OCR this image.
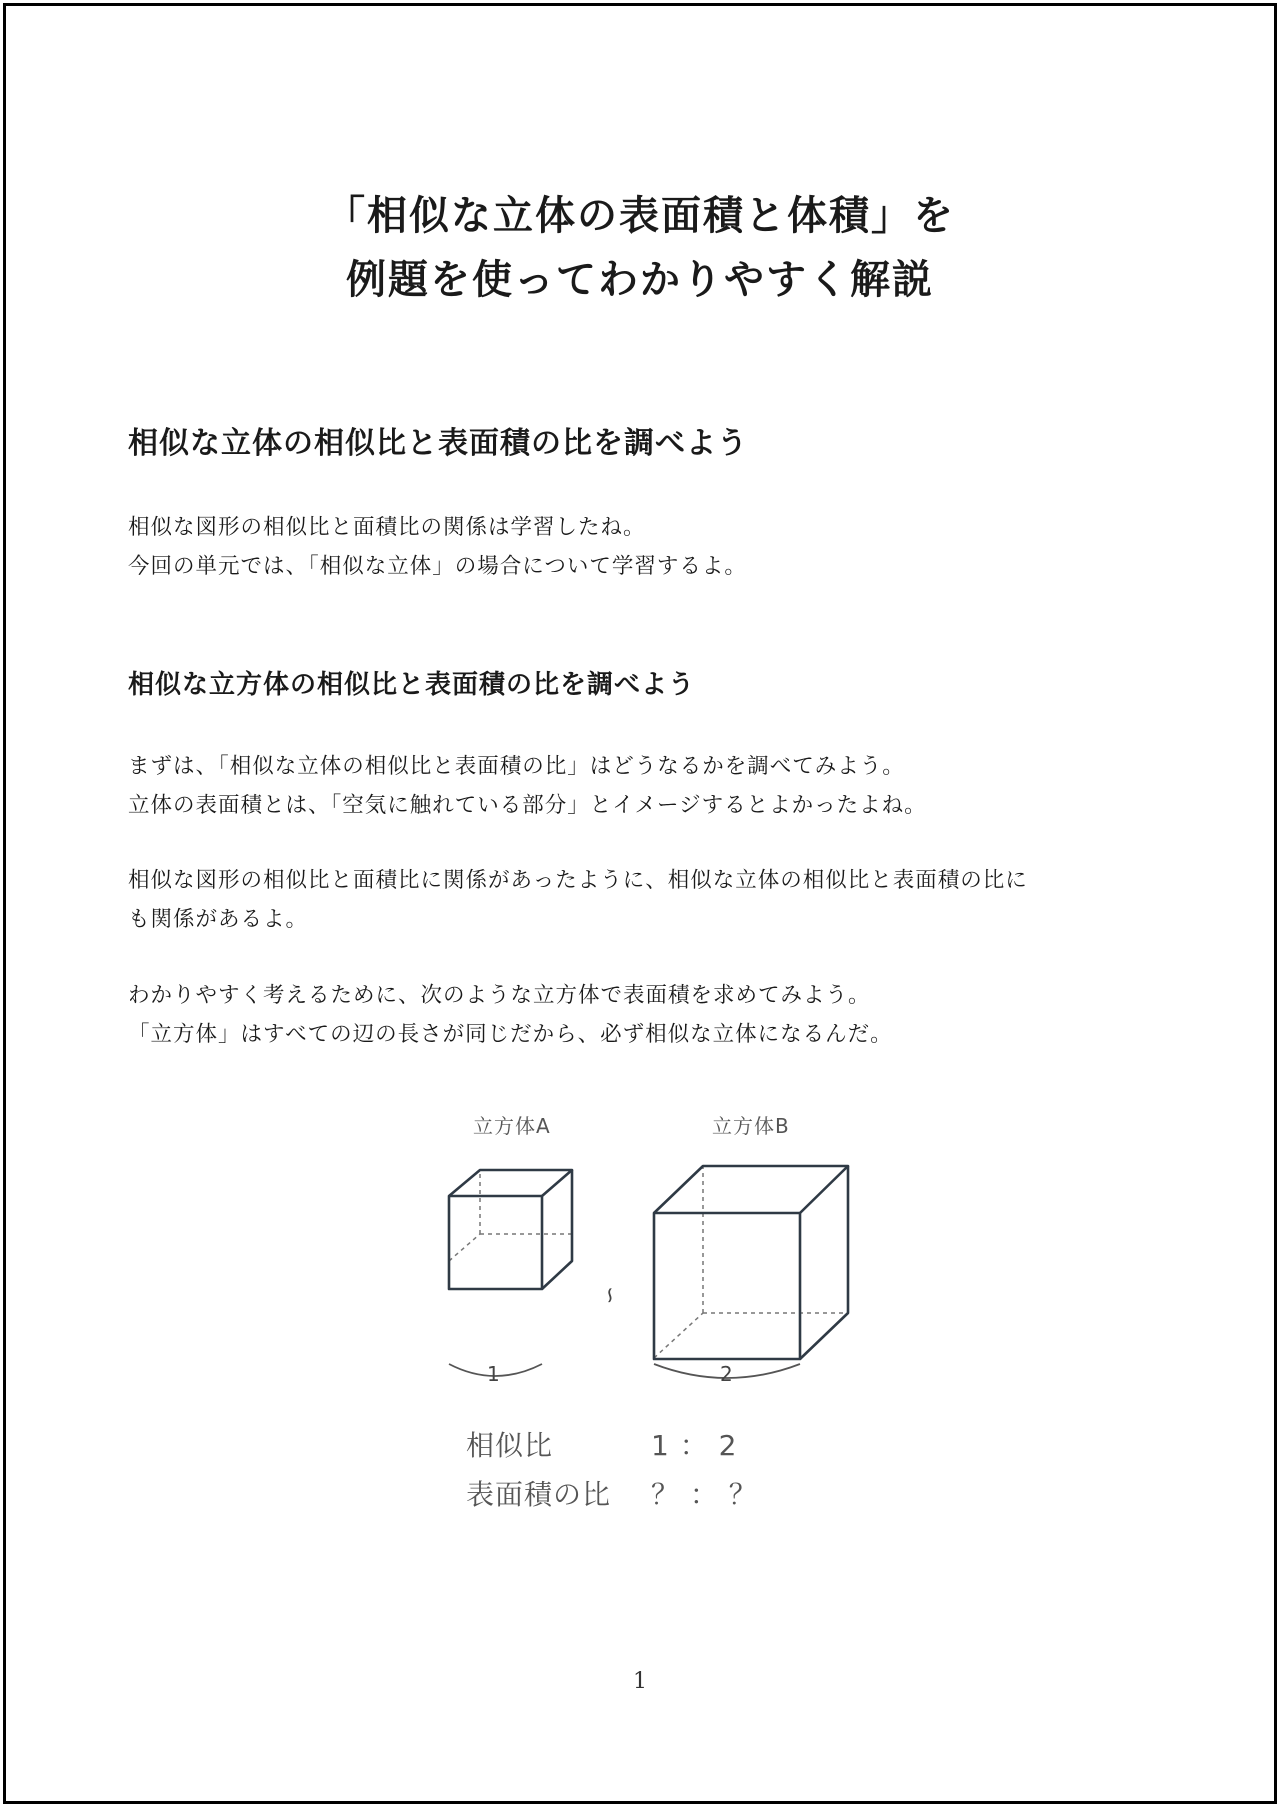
「相似な立体の表面積と体積」を
例題を使ってわかりやすく解説
相似な立体の相似比と表面積の比を調べよう
相似な図形の相似比と面積比の関係は学習したね。
今回の単元では、「相似な立体」の場合について学習するよ。
相似な立方体の相似比と表面積の比を調べよう
まずは、「相似な立体の相似比と表面積の比」はどうなるかを調べてみよう。
立体の表面積とは、「空気に触れている部分」とイメージするとよかったよね。
相似な図形の相似比と面積比に関係があったように、相似な立体の相似比と表面積の比に
も関係があるよ。
わかりやすく考えるために、次のような立方体で表面積を求めてみよう。
「立方体」はすべての辺の長さが同じだから、必ず相似な立体になるんだ。
立方体A	立方体B
∽
1	2
相似比	1 ： 2
表面積の比 ？ ： ？
1
